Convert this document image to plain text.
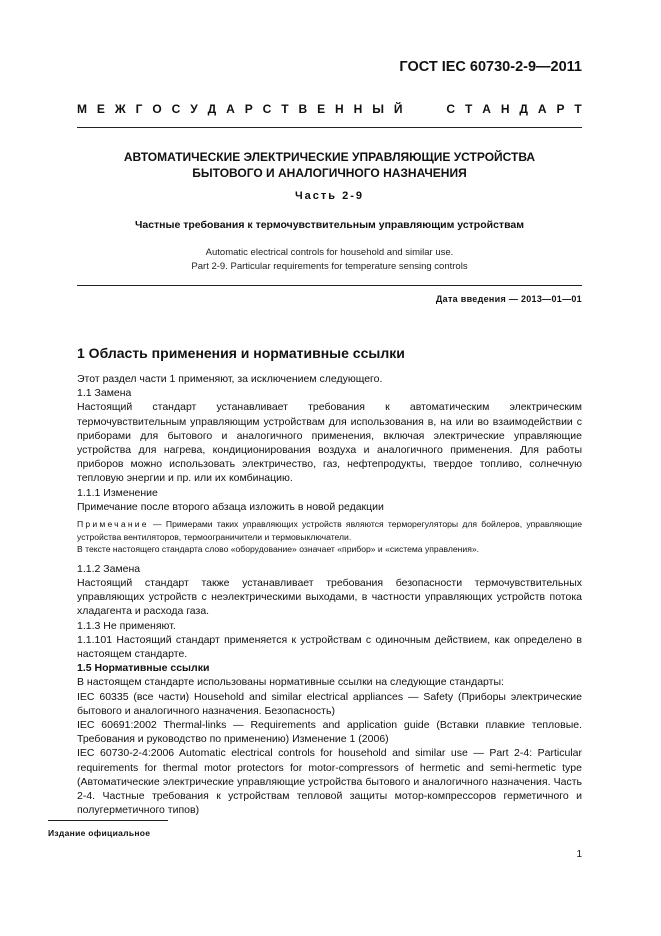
ГОСТ IEC 60730-2-9—2011
М Е Ж Г О С У Д А Р С Т В Е Н Н Ы Й	С Т А Н Д А Р Т
АВТОМАТИЧЕСКИЕ ЭЛЕКТРИЧЕСКИЕ УПРАВЛЯЮЩИЕ УСТРОЙСТВА
БЫТОВОГО И АНАЛОГИЧНОГО НАЗНАЧЕНИЯ
Часть 2-9
Частные требования к термочувствительным управляющим устройствам
Automatic electrical controls for household and similar use.
Part 2-9. Particular requirements for temperature sensing controls
Дата введения — 2013—01—01
1 Область применения и нормативные ссылки

Этот раздел части 1 применяют, за исключением следующего.

1.1 Замена

Настоящий стандарт устанавливает требования к автоматическим электрическим термочувствительным управляющим устройствам для использования в, на или во взаимодействии с приборами для бытового и аналогичного применения, включая электрические управляющие устройства для нагрева, кондиционирования воздуха и аналогичного применения. Для работы приборов можно использовать электричество, газ, нефтепродукты, твердое топливо, солнечную тепловую энергии и пр. или их комбинацию.

1.1.1 Изменение

Примечание после второго абзаца изложить в новой редакции

Примечание — Примерами таких управляющих устройств являются терморегуляторы для бойлеров, управляющие устройства вентиляторов, термоограничители и термовыключатели.

В тексте настоящего стандарта слово «оборудование» означает «прибор» и «система управления».

1.1.2 Замена

Настоящий стандарт также устанавливает требования безопасности термочувствительных управляющих устройств с неэлектрическими выходами, в частности управляющих устройств потока хладагента и расхода газа.

1.1.3 Не применяют.

1.1.101 Настоящий стандарт применяется к устройствам с одиночным действием, как определено в настоящем стандарте.

1.5 Нормативные ссылки

В настоящем стандарте использованы нормативные ссылки на следующие стандарты:

IEC 60335 (все части) Household and similar electrical appliances — Safety (Приборы электрические бытового и аналогичного назначения. Безопасность)

IEC 60691:2002 Thermal-links — Requirements and application guide (Вставки плавкие тепловые. Требования и руководство по применению) Изменение 1 (2006)

IEC 60730-2-4:2006 Automatic electrical controls for household and similar use — Part 2-4: Particular requirements for thermal motor protectors for motor-compressors of hermetic and semi-hermetic type (Автоматические электрические управляющие устройства бытового и аналогичного назначения. Часть 2-4. Частные требования к устройствам тепловой защиты мотор-компрессоров герметичного и полугерметичного типов)

Издание официальное
1
